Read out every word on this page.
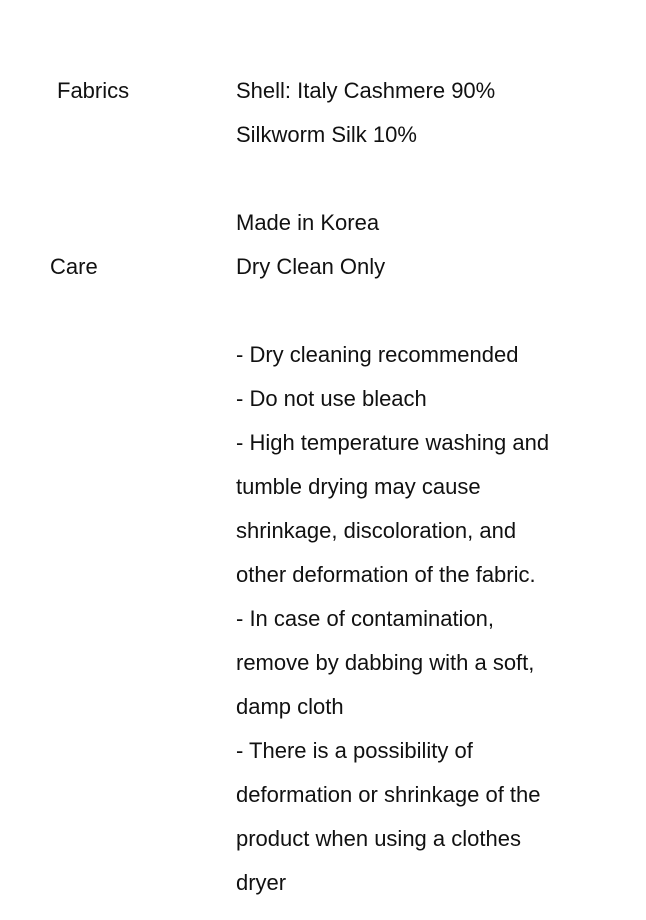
Fabrics
Care
Shell: Italy Cashmere 90%
Silkworm Silk 10%
Made in Korea
Dry Clean Only
- Dry cleaning recommended
- Do not use bleach
- High temperature washing and
tumble drying may cause
shrinkage, discoloration, and
other deformation of the fabric.
- In case of contamination,
remove by dabbing with a soft,
damp cloth
- There is a possibility of
deformation or shrinkage of the
product when using a clothes
dryer
